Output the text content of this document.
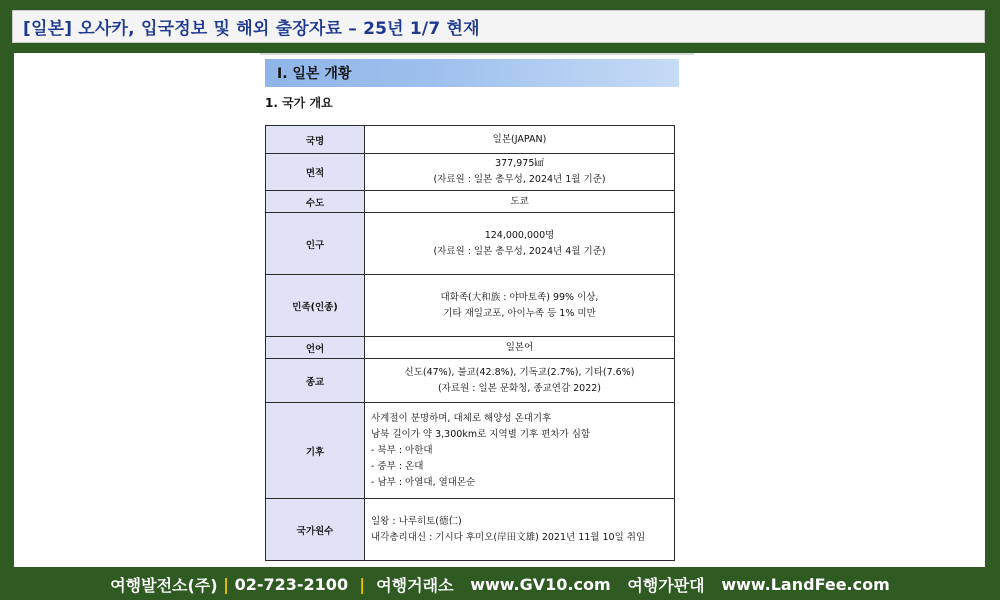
[일본] 오사카, 입국정보 및 해외 출장자료 – 25년 1/7 현재
Ⅰ. 일본 개황
1. 국가 개요
국명	일본(JAPAN)

면적	377,975㎢
(자료원 : 일본 총무성, 2024년 1월 기준)

수도	도쿄

인구	124,000,000명
(자료원 : 일본 총무성, 2024년 4월 기준)

민족(인종)	대화족(大和族 : 야마토족) 99% 이상,
기타 재일교포, 아이누족 등 1% 미만

언어	일본어

종교	신도(47%), 불교(42.8%), 기독교(2.7%), 기타(7.6%)
(자료원 : 일본 문화청, 종교연감 2022)

기후	사계절이 분명하며, 대체로 해양성 온대기후
남북 길이가 약 3,300km로 지역별 기후 편차가 심함
- 북부 : 아한대
- 중부 : 온대
- 남부 : 아열대, 열대몬순

국가원수	일왕 : 나루히토(德仁)
내각총리대신 : 기시다 후미오(岸田文雄) 2021년 11월 10일 취임
여행발전소(주)
|
02-723-2100
|
여행거래소
www.GV10.com
여행가판대
www.LandFee.com
